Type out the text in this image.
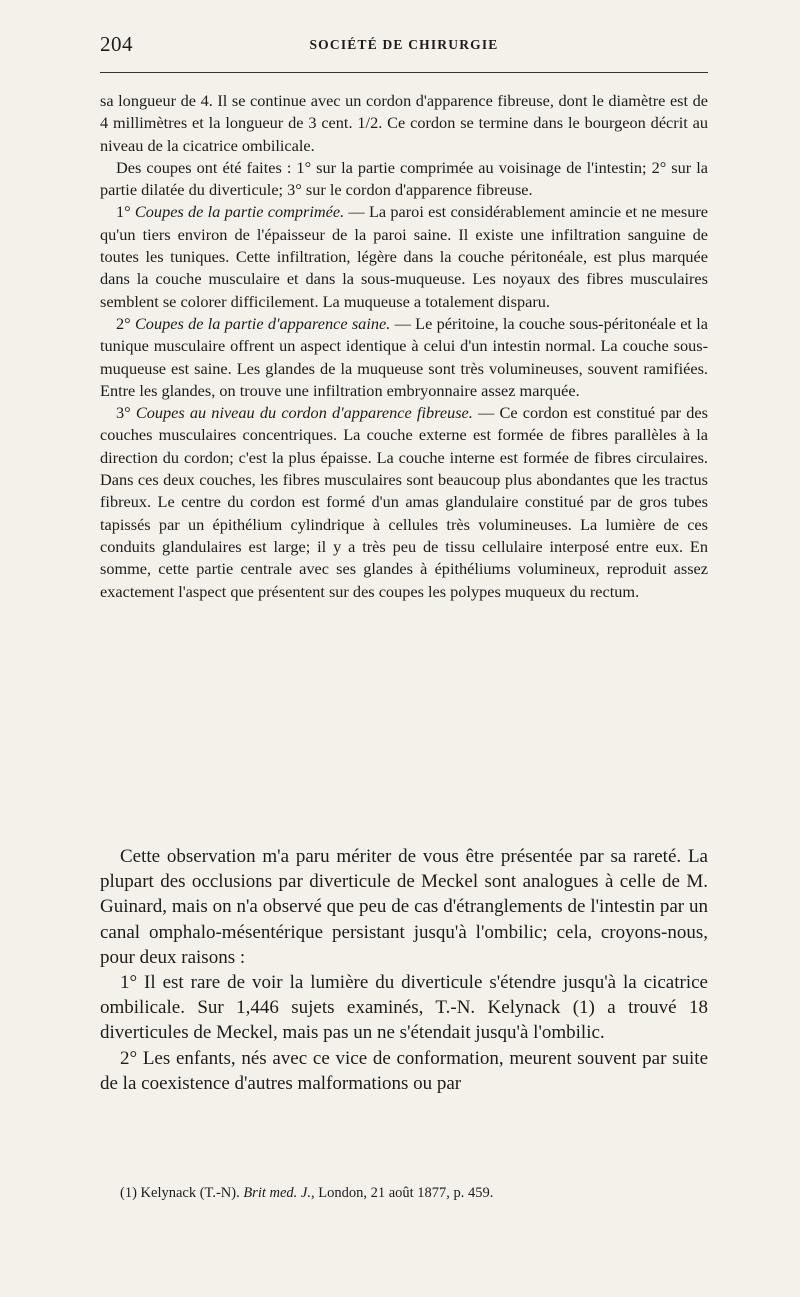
204	SOCIÉTÉ DE CHIRURGIE

sa longueur de 4. Il se continue avec un cordon d'apparence fibreuse, dont le diamètre est de 4 millimètres et la longueur de 3 cent. 1/2. Ce cordon se termine dans le bourgeon décrit au niveau de la cicatrice ombilicale.

Des coupes ont été faites : 1° sur la partie comprimée au voisinage de l'intestin; 2° sur la partie dilatée du diverticule; 3° sur le cordon d'apparence fibreuse.

1° Coupes de la partie comprimée. — La paroi est considérablement amincie et ne mesure qu'un tiers environ de l'épaisseur de la paroi saine. Il existe une infiltration sanguine de toutes les tuniques. Cette infiltration, légère dans la couche péritonéale, est plus marquée dans la couche musculaire et dans la sous-muqueuse. Les noyaux des fibres musculaires semblent se colorer difficilement. La muqueuse a totalement disparu.

2° Coupes de la partie d'apparence saine. — Le péritoine, la couche sous-péritonéale et la tunique musculaire offrent un aspect identique à celui d'un intestin normal. La couche sous-muqueuse est saine. Les glandes de la muqueuse sont très volumineuses, souvent ramifiées. Entre les glandes, on trouve une infiltration embryonnaire assez marquée.

3° Coupes au niveau du cordon d'apparence fibreuse. — Ce cordon est constitué par des couches musculaires concentriques. La couche externe est formée de fibres parallèles à la direction du cordon; c'est la plus épaisse. La couche interne est formée de fibres circulaires. Dans ces deux couches, les fibres musculaires sont beaucoup plus abondantes que les tractus fibreux. Le centre du cordon est formé d'un amas glandulaire constitué par de gros tubes tapissés par un épithélium cylindrique à cellules très volumineuses. La lumière de ces conduits glandulaires est large; il y a très peu de tissu cellulaire interposé entre eux. En somme, cette partie centrale avec ses glandes à épithéliums volumineux, reproduit assez exactement l'aspect que présentent sur des coupes les polypes muqueux du rectum.

Cette observation m'a paru mériter de vous être présentée par sa rareté. La plupart des occlusions par diverticule de Meckel sont analogues à celle de M. Guinard, mais on n'a observé que peu de cas d'étranglements de l'intestin par un canal omphalo-mésentérique persistant jusqu'à l'ombilic; cela, croyons-nous, pour deux raisons :

1° Il est rare de voir la lumière du diverticule s'étendre jusqu'à la cicatrice ombilicale. Sur 1,446 sujets examinés, T.-N. Kelynack (1) a trouvé 18 diverticules de Meckel, mais pas un ne s'étendait jusqu'à l'ombilic.

2° Les enfants, nés avec ce vice de conformation, meurent souvent par suite de la coexistence d'autres malformations ou par

(1) Kelynack (T.-N). Brit med. J., London, 21 août 1877, p. 459.
